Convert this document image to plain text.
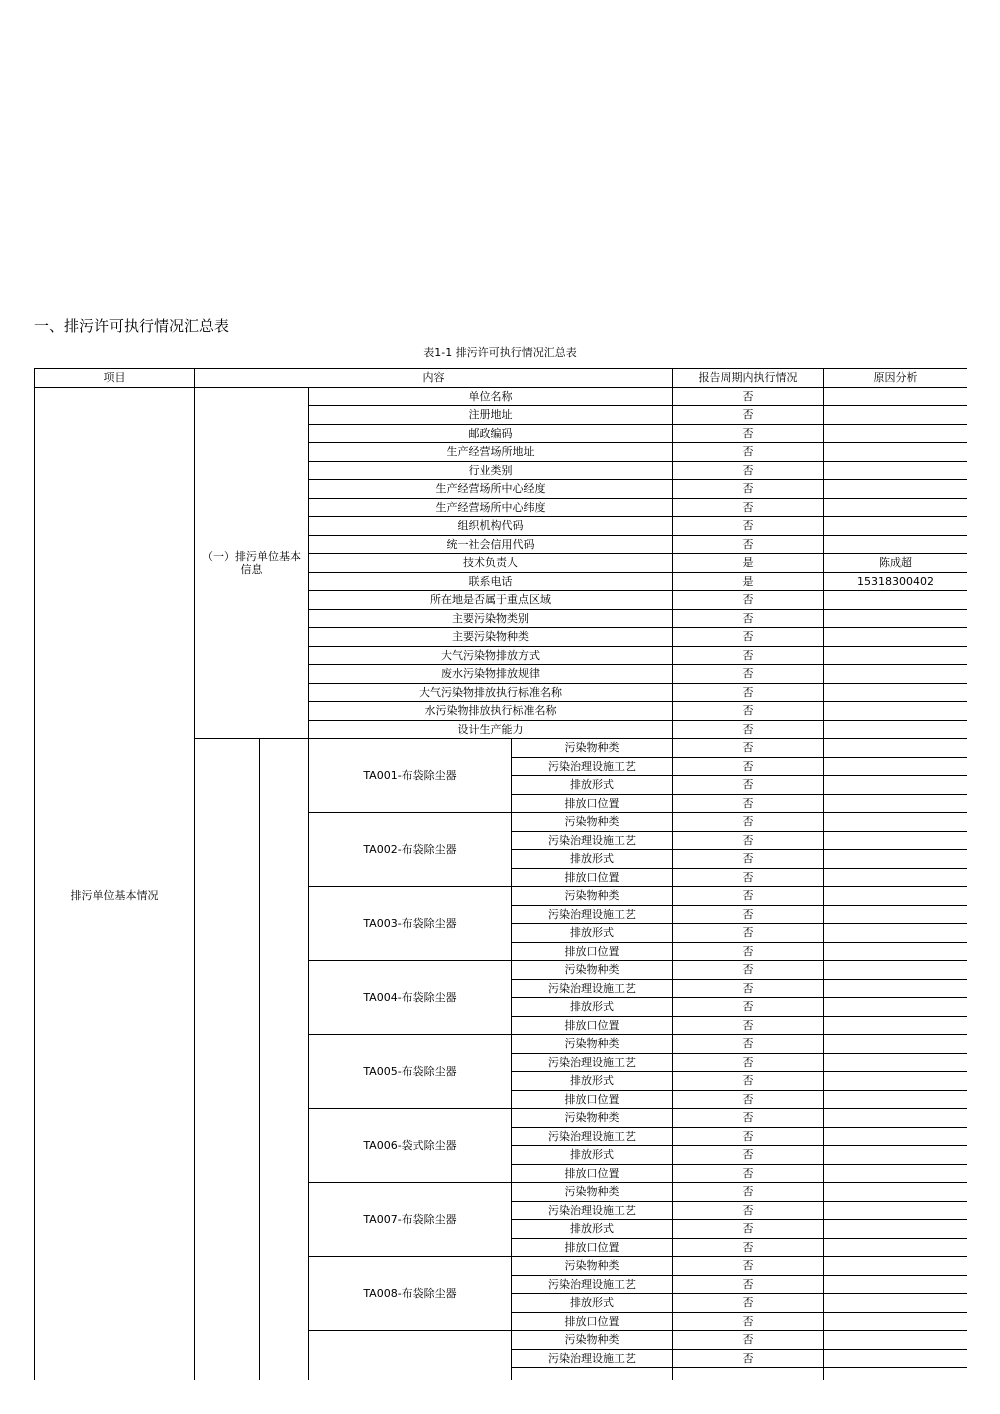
一、排污许可执行情况汇总表
表1-1 排污许可执行情况汇总表
项目	内容				报告周期内执行情况	原因分析
排污单位基本情况	（一）排污单位基本信息		单位名称		否	
			注册地址		否	
			邮政编码		否	
			生产经营场所地址		否	
			行业类别		否	
			生产经营场所中心经度		否	
			生产经营场所中心纬度		否	
			组织机构代码		否	
			统一社会信用代码		否	
			技术负责人		是	陈成超
			联系电话		是	15318300402
			所在地是否属于重点区域		否	
			主要污染物类别		否	
			主要污染物种类		否	
			大气污染物排放方式		否	
			废水污染物排放规律		否	
			大气污染物排放执行标准名称		否	
			水污染物排放执行标准名称		否	
			设计生产能力		否	
			TA001-布袋除尘器	污染物种类	否	
				污染治理设施工艺	否	
				排放形式	否	
				排放口位置	否	
			TA002-布袋除尘器	污染物种类	否	
				污染治理设施工艺	否	
				排放形式	否	
				排放口位置	否	
			TA003-布袋除尘器	污染物种类	否	
				污染治理设施工艺	否	
				排放形式	否	
				排放口位置	否	
			TA004-布袋除尘器	污染物种类	否	
				污染治理设施工艺	否	
				排放形式	否	
				排放口位置	否	
			TA005-布袋除尘器	污染物种类	否	
				污染治理设施工艺	否	
				排放形式	否	
				排放口位置	否	
			TA006-袋式除尘器	污染物种类	否	
				污染治理设施工艺	否	
				排放形式	否	
				排放口位置	否	
			TA007-布袋除尘器	污染物种类	否	
				污染治理设施工艺	否	
				排放形式	否	
				排放口位置	否	
			TA008-布袋除尘器	污染物种类	否	
				污染治理设施工艺	否	
				排放形式	否	
				排放口位置	否	
				污染物种类	否	
				污染治理设施工艺	否	
